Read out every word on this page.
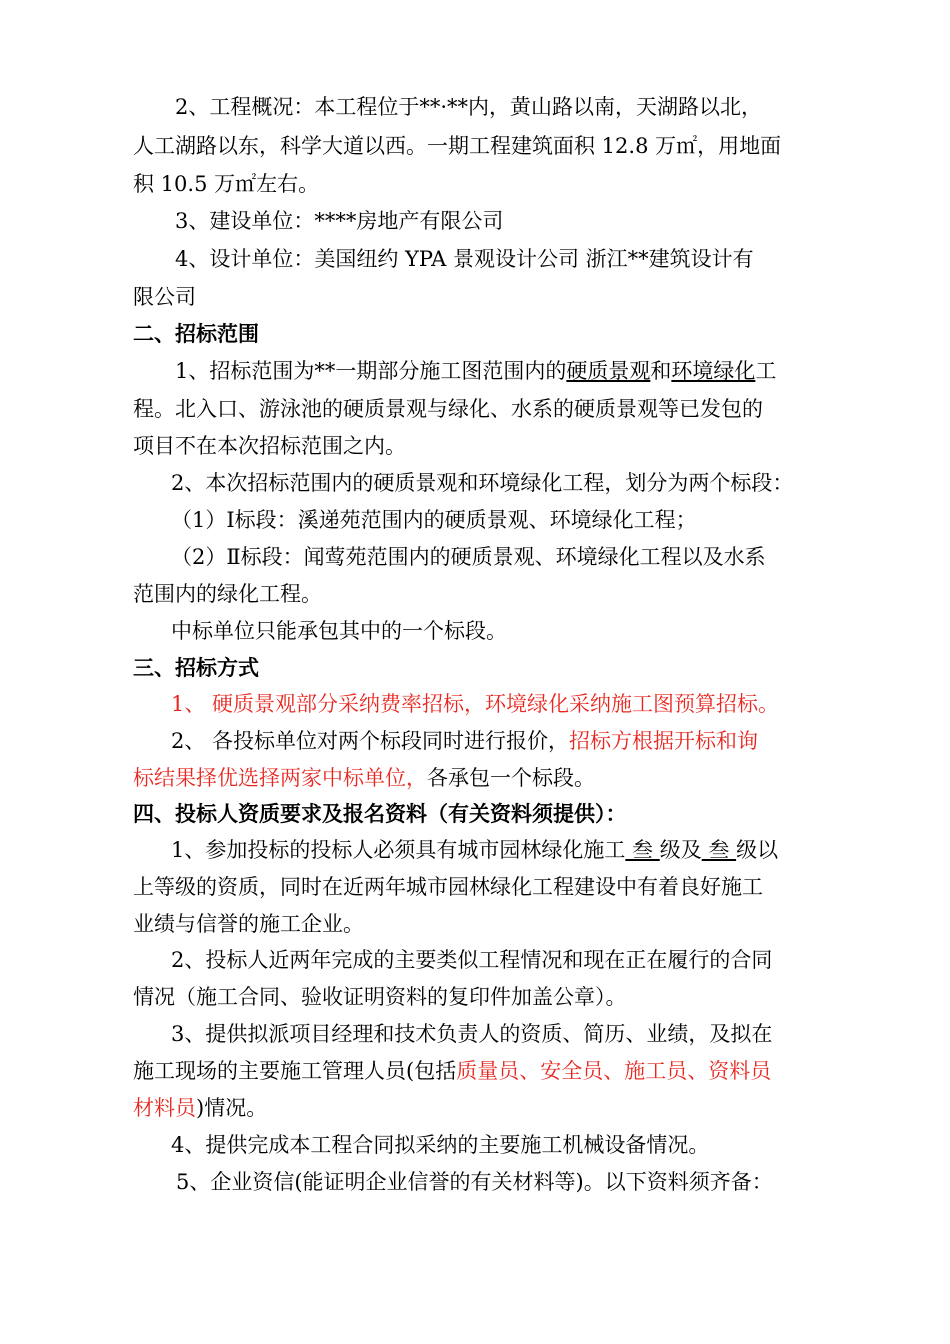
2、工程概况：本工程位于**·**内，黄山路以南，天湖路以北，
人工湖路以东，科学大道以西。一期工程建筑面积 12.8 万㎡，用地面
积 10.5 万㎡左右。
3、建设单位：****房地产有限公司
4、设计单位：美国纽约 YPA 景观设计公司 浙江**建筑设计有
限公司
二、招标范围
1、招标范围为**一期部分施工图范围内的硬质景观和环境绿化工
程。北入口、游泳池的硬质景观与绿化、水系的硬质景观等已发包的
项目不在本次招标范围之内。
2、本次招标范围内的硬质景观和环境绿化工程，划分为两个标段：
（1）Ⅰ标段：溪递苑范围内的硬质景观、环境绿化工程；
（2）Ⅱ标段：闻莺苑范围内的硬质景观、环境绿化工程以及水系
范围内的绿化工程。
中标单位只能承包其中的一个标段。
三、招标方式
1、 硬质景观部分采纳费率招标，环境绿化采纳施工图预算招标。
2、 各投标单位对两个标段同时进行报价，招标方根据开标和询
标结果择优选择两家中标单位，各承包一个标段。
四、投标人资质要求及报名资料（有关资料须提供）：
1、参加投标的投标人必须具有城市园林绿化施工 叁 级及 叁 级以
上等级的资质，同时在近两年城市园林绿化工程建设中有着良好施工
业绩与信誉的施工企业。
2、投标人近两年完成的主要类似工程情况和现在正在履行的合同
情况（施工合同、验收证明资料的复印件加盖公章）。
3、提供拟派项目经理和技术负责人的资质、简历、业绩，及拟在
施工现场的主要施工管理人员(包括质量员、安全员、施工员、资料员
材料员)情况。
4、提供完成本工程合同拟采纳的主要施工机械设备情况。
5、企业资信(能证明企业信誉的有关材料等)。以下资料须齐备：
